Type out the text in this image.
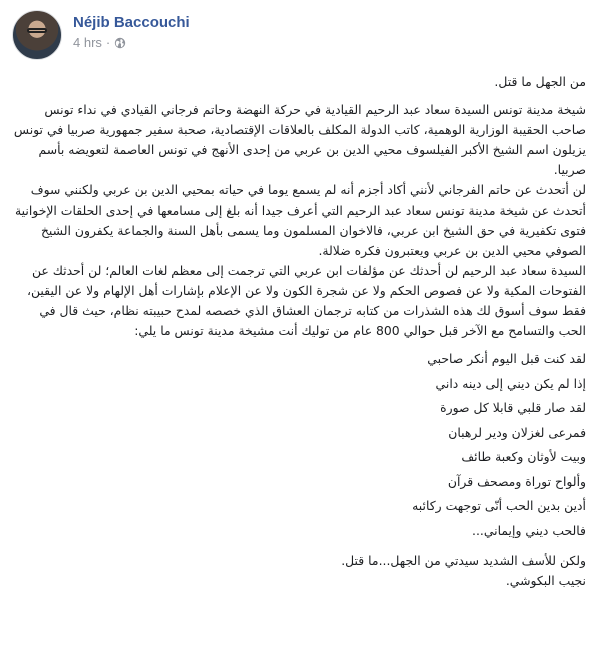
Néjib Baccouchi
4 hrs ·

من الجهل ما قتل.

شيخة مدينة تونس السيدة سعاد عبد الرحيم القيادية في حركة النهضة وحاتم فرجاني القيادي في نداء تونس صاحب الحقيبة الوزارية الوهمية، كاتب الدولة المكلف بالعلاقات الإقتصادية، صحبة سفير جمهورية صربيا في تونس يزيلون اسم الشيخ الأكبر الفيلسوف محيي الدين بن عربي من إحدى الأنهج في تونس العاصمة لتعويضه بأسم صربيا.

لن أتحدث عن حاتم الفرجاني لأنني أكاد أجزم أنه لم يسمع يوما في حياته بمحيي الدين بن عربي ولكنني سوف أتحدث عن شيخة مدينة تونس سعاد عبد الرحيم التي أعرف جيدا أنه بلغ إلى مسامعها في إحدى الحلقات الإخوانية فتوى تكفيرية في حق الشيخ ابن عربي، فالاخوان المسلمون وما يسمى بأهل السنة والجماعة يكفرون الشيخ الصوفي محيي الدين بن عربي ويعتبرون فكره ضلالة.

السيدة سعاد عبد الرحيم لن أحدثك عن مؤلفات ابن عربي التي ترجمت إلى معظم لغات العالم؛ لن أحدثك عن الفتوحات المكية ولا عن فصوص الحكم ولا عن شجرة الكون ولا عن الإعلام بإشارات أهل الإلهام ولا عن اليقين، فقط سوف أسوق لك هذه الشذرات من كتابه ترجمان العشاق الذي خصصه لمدح حبيبته نظام، حيث قال في الحب والتسامح مع الآخر قبل حوالي 800 عام من توليك أنت مشيخة مدينة تونس ما يلي:

لقد كنت قبل اليوم أنكر صاحبي
إذا لم يكن ديني إلى دينه داني
لقد صار قلبي قابلا كل صورة
فمرعى لغزلان ودير لرهبان
وبيت لأوثان وكعبة طائف
وألواح توراة ومصحف قرآن
أدين بدين الحب أنّى توجهت ركائبه
فالحب ديني وإيماني...

ولكن للأسف الشديد سيدتي من الجهل...ما قتل.

نجيب البكوشي.
